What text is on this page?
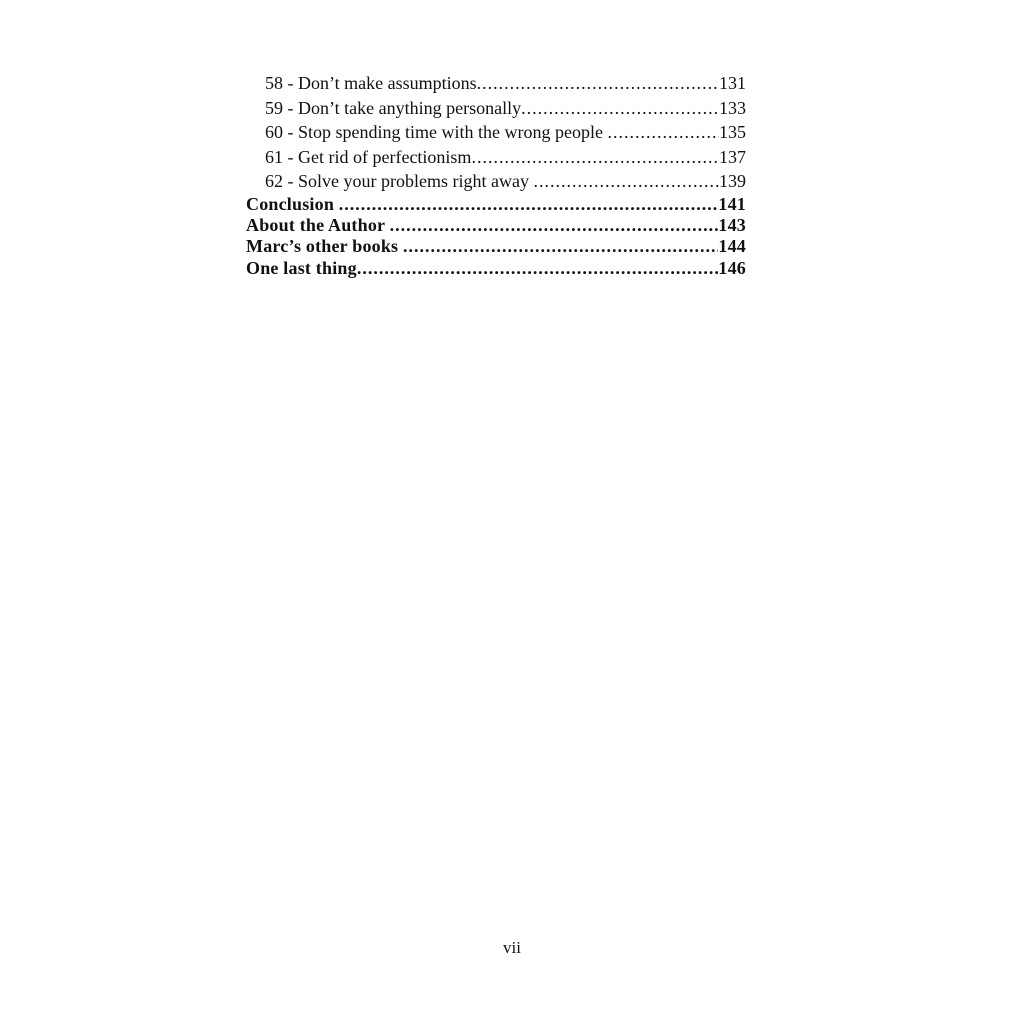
58 - Don’t make assumptions .....	131
59 - Don’t take anything personally .....	133
60 - Stop spending time with the wrong people .....	135
61 - Get rid of perfectionism .....	137
62 - Solve your problems right away .....	139
Conclusion .....	141
About the Author .....	143
Marc’s other books .....	144
One last thing .....	146
vii
